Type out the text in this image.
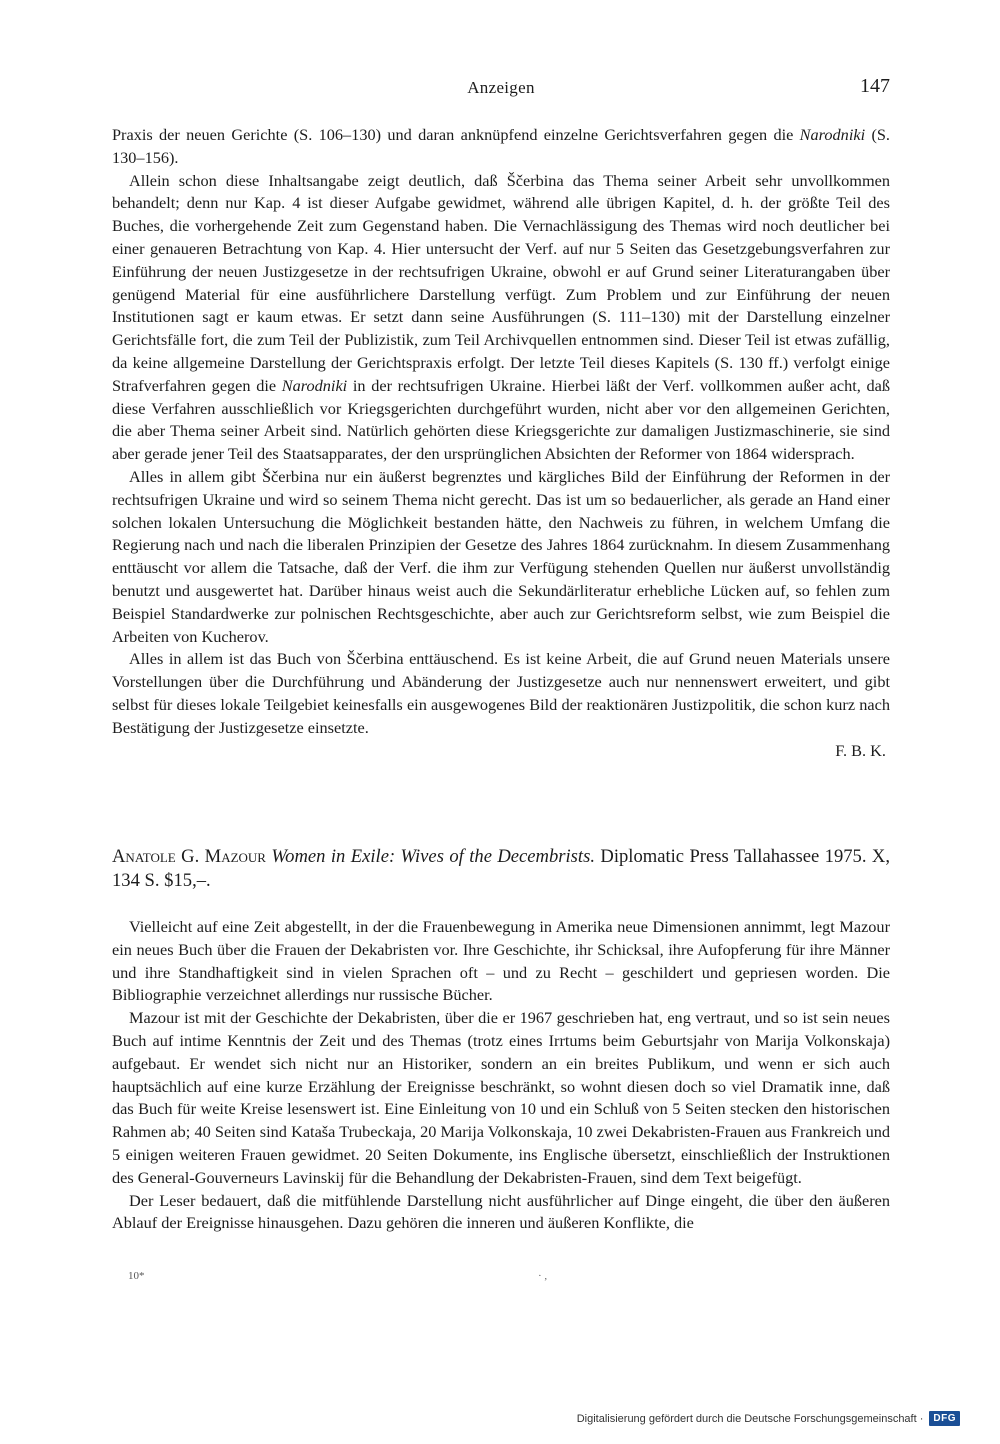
Anzeigen	147

Praxis der neuen Gerichte (S. 106–130) und daran anknüpfend einzelne Gerichtsverfahren gegen die Narodniki (S. 130–156).

Allein schon diese Inhaltsangabe zeigt deutlich, daß Ščerbina das Thema seiner Arbeit sehr unvollkommen behandelt; denn nur Kap. 4 ist dieser Aufgabe gewidmet, während alle übrigen Kapitel, d. h. der größte Teil des Buches, die vorhergehende Zeit zum Gegenstand haben. Die Vernachlässigung des Themas wird noch deutlicher bei einer genaueren Betrachtung von Kap. 4. Hier untersucht der Verf. auf nur 5 Seiten das Gesetzgebungsverfahren zur Einführung der neuen Justizgesetze in der rechtsufrigen Ukraine, obwohl er auf Grund seiner Literaturangaben über genügend Material für eine ausführlichere Darstellung verfügt. Zum Problem und zur Einführung der neuen Institutionen sagt er kaum etwas. Er setzt dann seine Ausführungen (S. 111–130) mit der Darstellung einzelner Gerichtsfälle fort, die zum Teil der Publizistik, zum Teil Archivquellen entnommen sind. Dieser Teil ist etwas zufällig, da keine allgemeine Darstellung der Gerichtspraxis erfolgt. Der letzte Teil dieses Kapitels (S. 130 ff.) verfolgt einige Strafverfahren gegen die Narodniki in der rechtsufrigen Ukraine. Hierbei läßt der Verf. vollkommen außer acht, daß diese Verfahren ausschließlich vor Kriegsgerichten durchgeführt wurden, nicht aber vor den allgemeinen Gerichten, die aber Thema seiner Arbeit sind. Natürlich gehörten diese Kriegsgerichte zur damaligen Justizmaschinerie, sie sind aber gerade jener Teil des Staatsapparates, der den ursprünglichen Absichten der Reformer von 1864 widersprach.

Alles in allem gibt Ščerbina nur ein äußerst begrenztes und kärgliches Bild der Einführung der Reformen in der rechtsufrigen Ukraine und wird so seinem Thema nicht gerecht. Das ist um so bedauerlicher, als gerade an Hand einer solchen lokalen Untersuchung die Möglichkeit bestanden hätte, den Nachweis zu führen, in welchem Umfang die Regierung nach und nach die liberalen Prinzipien der Gesetze des Jahres 1864 zurücknahm. In diesem Zusammenhang enttäuscht vor allem die Tatsache, daß der Verf. die ihm zur Verfügung stehenden Quellen nur äußerst unvollständig benutzt und ausgewertet hat. Darüber hinaus weist auch die Sekundärliteratur erhebliche Lücken auf, so fehlen zum Beispiel Standardwerke zur polnischen Rechtsgeschichte, aber auch zur Gerichtsreform selbst, wie zum Beispiel die Arbeiten von Kucherov.

Alles in allem ist das Buch von Ščerbina enttäuschend. Es ist keine Arbeit, die auf Grund neuen Materials unsere Vorstellungen über die Durchführung und Abänderung der Justizgesetze auch nur nennenswert erweitert, und gibt selbst für dieses lokale Teilgebiet keinesfalls ein ausgewogenes Bild der reaktionären Justizpolitik, die schon kurz nach Bestätigung der Justizgesetze einsetzte.

F. B. K.

Anatole G. Mazour Women in Exile: Wives of the Decembrists. Diplomatic Press Tallahassee 1975. X, 134 S. $15,–.

Vielleicht auf eine Zeit abgestellt, in der die Frauenbewegung in Amerika neue Dimensionen annimmt, legt Mazour ein neues Buch über die Frauen der Dekabristen vor. Ihre Geschichte, ihr Schicksal, ihre Aufopferung für ihre Männer und ihre Standhaftigkeit sind in vielen Sprachen oft – und zu Recht – geschildert und gepriesen worden. Die Bibliographie verzeichnet allerdings nur russische Bücher.

Mazour ist mit der Geschichte der Dekabristen, über die er 1967 geschrieben hat, eng vertraut, und so ist sein neues Buch auf intime Kenntnis der Zeit und des Themas (trotz eines Irrtums beim Geburtsjahr von Marija Volkonskaja) aufgebaut. Er wendet sich nicht nur an Historiker, sondern an ein breites Publikum, und wenn er sich auch hauptsächlich auf eine kurze Erzählung der Ereignisse beschränkt, so wohnt diesen doch so viel Dramatik inne, daß das Buch für weite Kreise lesenswert ist. Eine Einleitung von 10 und ein Schluß von 5 Seiten stecken den historischen Rahmen ab; 40 Seiten sind Kataša Trubeckaja, 20 Marija Volkonskaja, 10 zwei Dekabristen-Frauen aus Frankreich und 5 einigen weiteren Frauen gewidmet. 20 Seiten Dokumente, ins Englische übersetzt, einschließlich der Instruktionen des General-Gouverneurs Lavinskij für die Behandlung der Dekabristen-Frauen, sind dem Text beigefügt.

Der Leser bedauert, daß die mitfühlende Darstellung nicht ausführlicher auf Dinge eingeht, die über den äußeren Ablauf der Ereignisse hinausgehen. Dazu gehören die inneren und äußeren Konflikte, die

10*	· ,
Digitalisierung gefördert durch die Deutsche Forschungsgemeinschaft ·	DFG
